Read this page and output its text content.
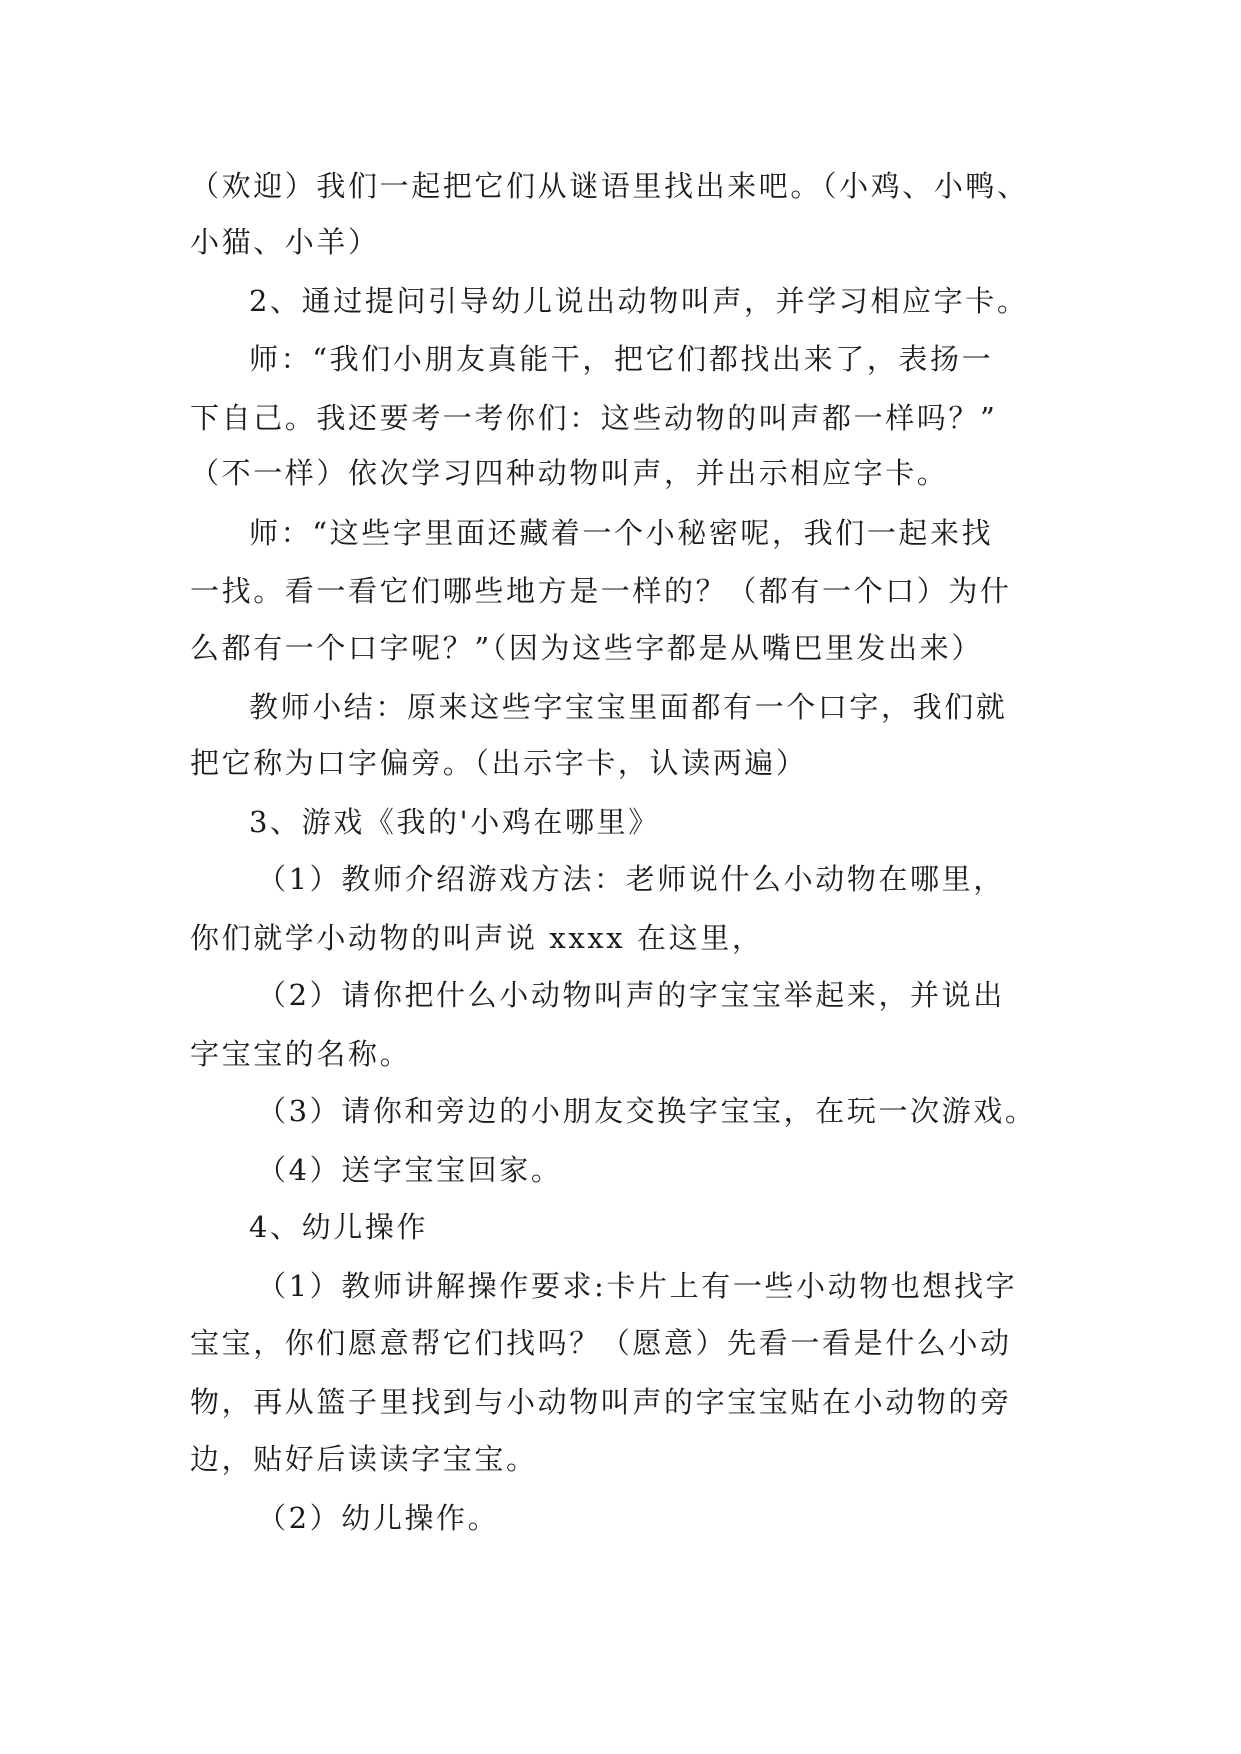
（欢迎）我们一起把它们从谜语里找出来吧。（小鸡、小鸭、
小猫、小羊）
2、通过提问引导幼儿说出动物叫声，并学习相应字卡。
师：“我们小朋友真能干，把它们都找出来了，表扬一
下自己。我还要考一考你们：这些动物的叫声都一样吗？”
（不一样）依次学习四种动物叫声，并出示相应字卡。
师：“这些字里面还藏着一个小秘密呢，我们一起来找
一找。看一看它们哪些地方是一样的？（都有一个口）为什
么都有一个口字呢？”（因为这些字都是从嘴巴里发出来）
教师小结：原来这些字宝宝里面都有一个口字，我们就
把它称为口字偏旁。（出示字卡，认读两遍）
3、游戏《我的'小鸡在哪里》
（1）教师介绍游戏方法：老师说什么小动物在哪里，
你们就学小动物的叫声说 xxxx 在这里，
（2）请你把什么小动物叫声的字宝宝举起来，并说出
字宝宝的名称。
（3）请你和旁边的小朋友交换字宝宝，在玩一次游戏。
（4）送字宝宝回家。
4、幼儿操作
（1）教师讲解操作要求:卡片上有一些小动物也想找字
宝宝，你们愿意帮它们找吗？（愿意）先看一看是什么小动
物，再从篮子里找到与小动物叫声的字宝宝贴在小动物的旁
边，贴好后读读字宝宝。
（2）幼儿操作。
